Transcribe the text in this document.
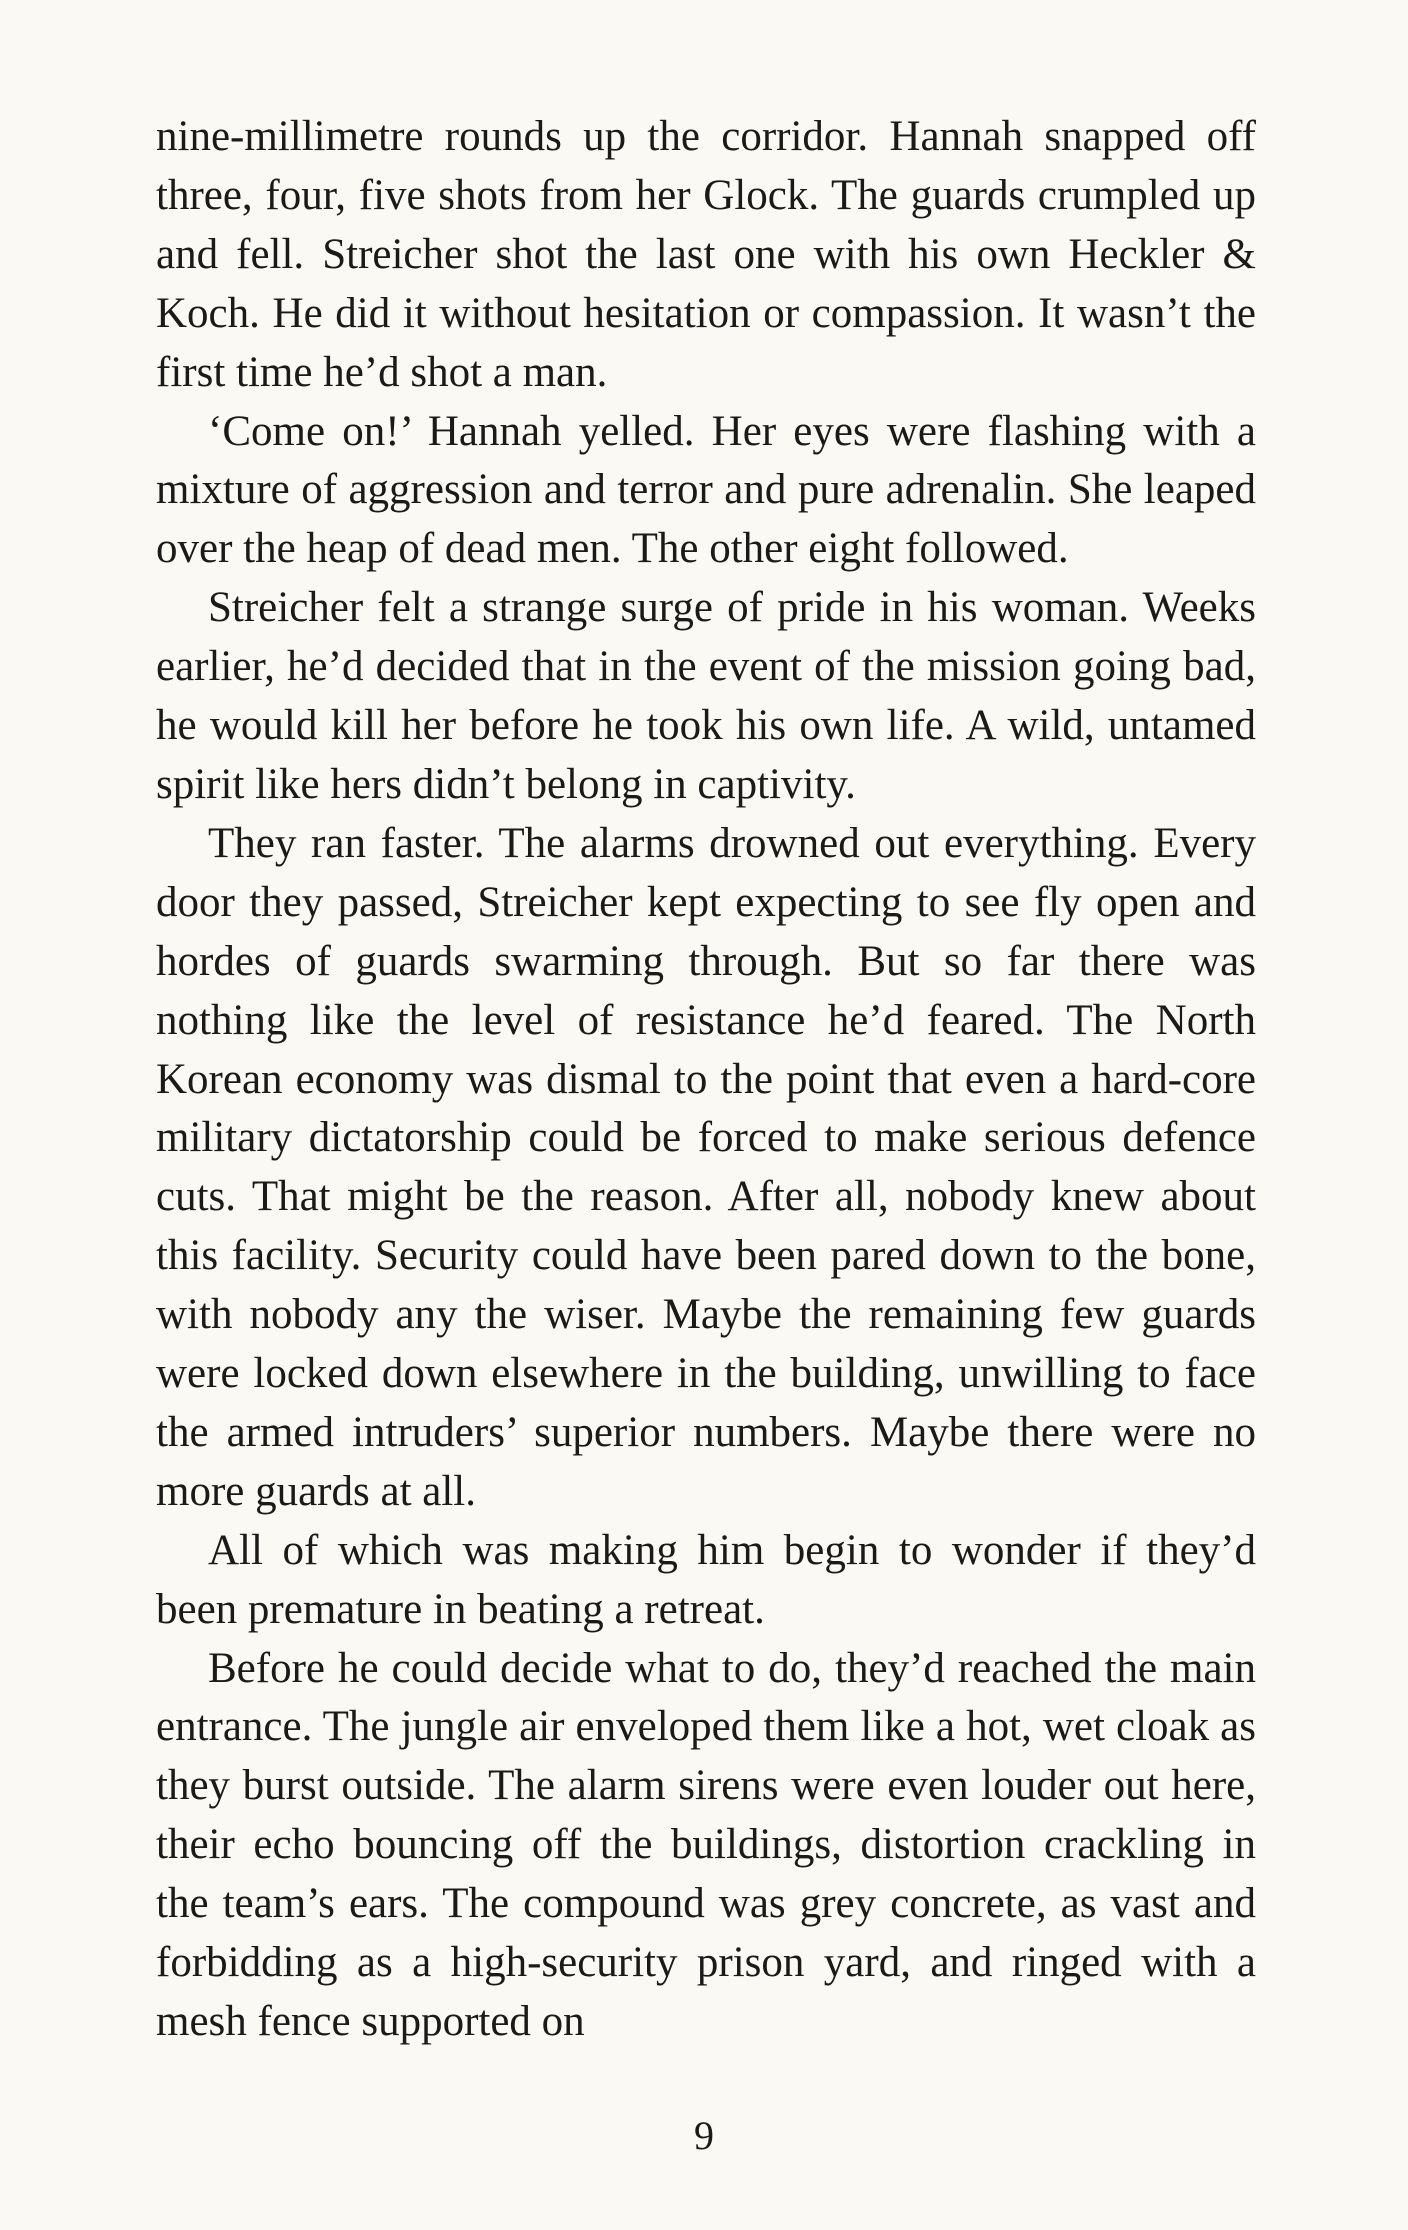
nine-millimetre rounds up the corridor. Hannah snapped off three, four, five shots from her Glock. The guards crumpled up and fell. Streicher shot the last one with his own Heckler & Koch. He did it without hesitation or compassion. It wasn’t the first time he’d shot a man.

‘Come on!’ Hannah yelled. Her eyes were flashing with a mixture of aggression and terror and pure adrenalin. She leaped over the heap of dead men. The other eight followed.

Streicher felt a strange surge of pride in his woman. Weeks earlier, he’d decided that in the event of the mission going bad, he would kill her before he took his own life. A wild, untamed spirit like hers didn’t belong in captivity.

They ran faster. The alarms drowned out everything. Every door they passed, Streicher kept expecting to see fly open and hordes of guards swarming through. But so far there was nothing like the level of resistance he’d feared. The North Korean economy was dismal to the point that even a hard-core military dictatorship could be forced to make serious defence cuts. That might be the reason. After all, nobody knew about this facility. Security could have been pared down to the bone, with nobody any the wiser. Maybe the remaining few guards were locked down elsewhere in the building, unwilling to face the armed intruders’ superior numbers. Maybe there were no more guards at all.

All of which was making him begin to wonder if they’d been premature in beating a retreat.

Before he could decide what to do, they’d reached the main entrance. The jungle air enveloped them like a hot, wet cloak as they burst outside. The alarm sirens were even louder out here, their echo bouncing off the buildings, distortion crackling in the team’s ears. The compound was grey concrete, as vast and forbidding as a high-security prison yard, and ringed with a mesh fence supported on

9
